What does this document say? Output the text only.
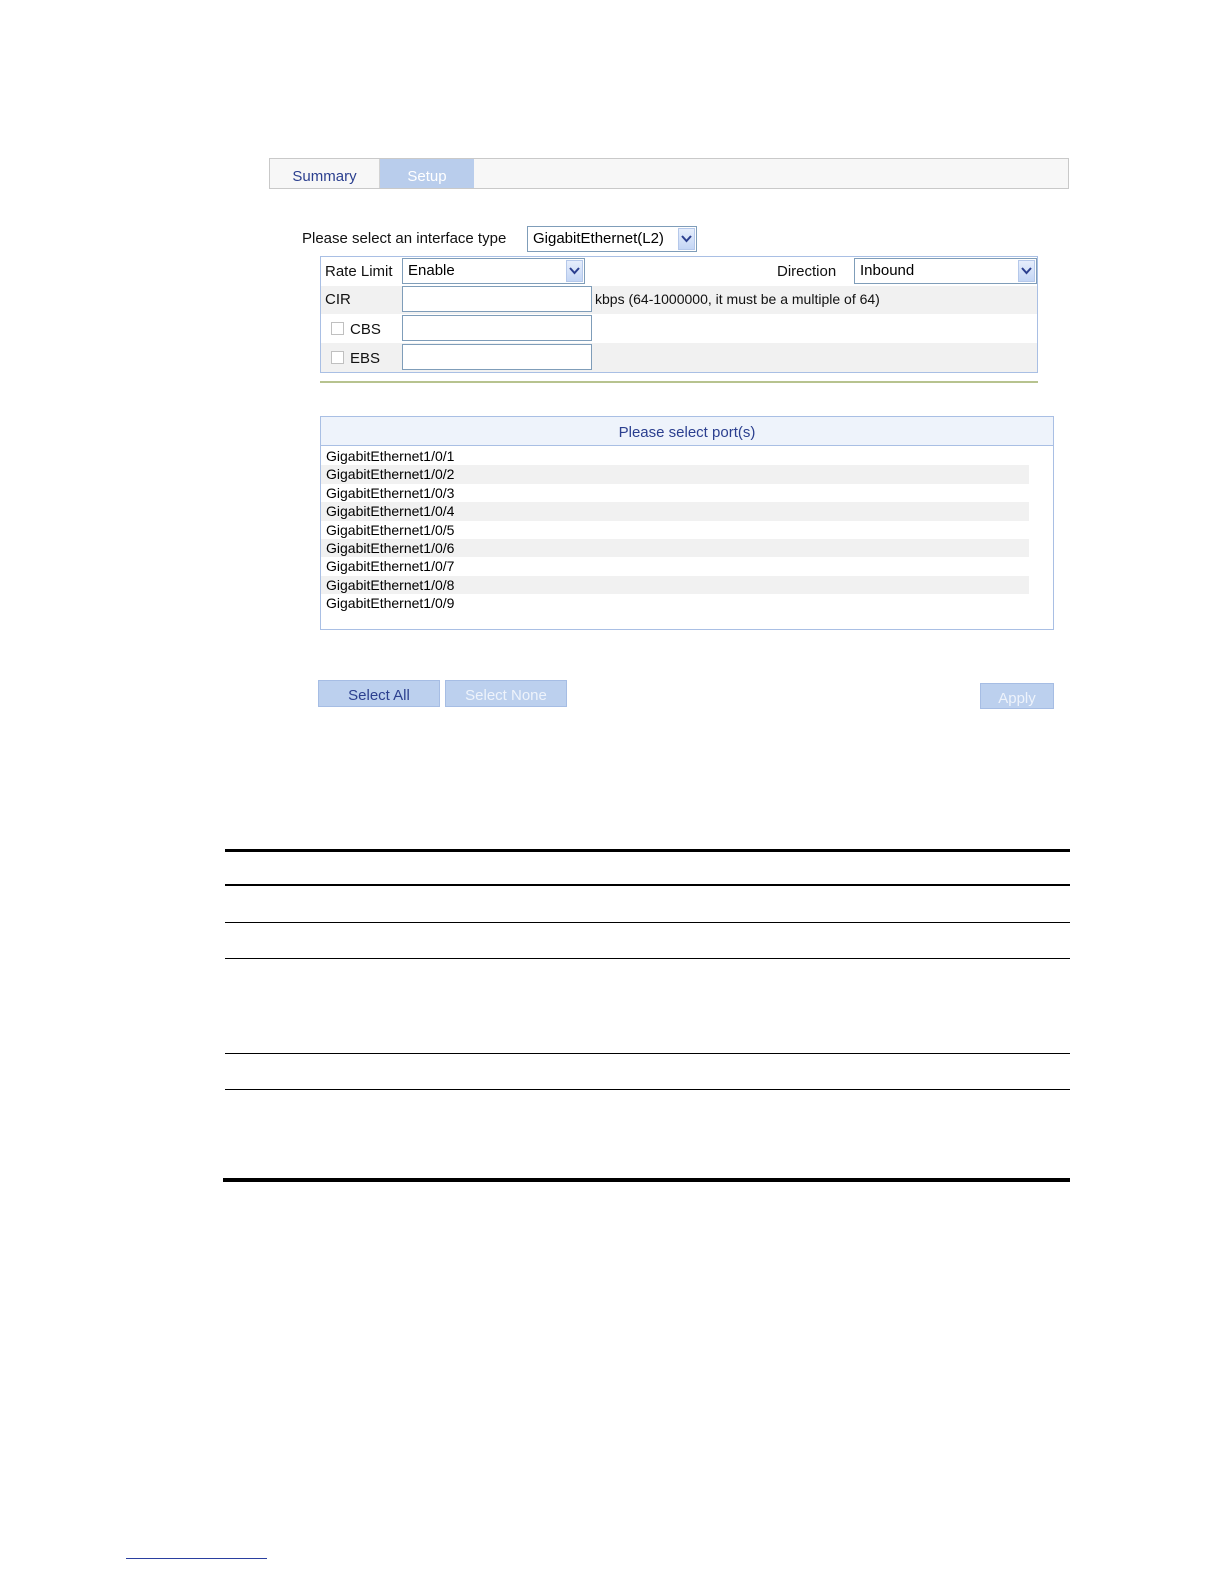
Summary	Setup
Please select an interface type GigabitEthernet(L2)
Rate Limit Enable	Direction Inbound
CIR	kbps (64-1000000, it must be a multiple of 64)
CBS
EBS
Please select port(s)
GigabitEthernet1/0/1
GigabitEthernet1/0/2
GigabitEthernet1/0/3
GigabitEthernet1/0/4
GigabitEthernet1/0/5
GigabitEthernet1/0/6
GigabitEthernet1/0/7
GigabitEthernet1/0/8
GigabitEthernet1/0/9
Select All	Select None	Apply
